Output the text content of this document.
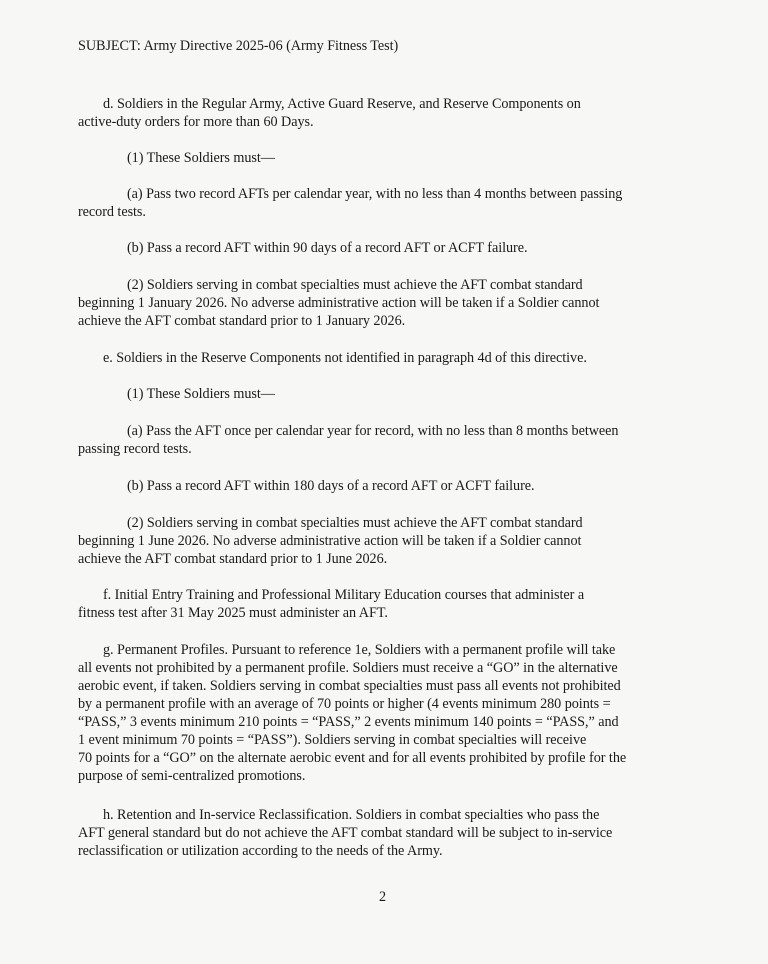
SUBJECT: Army Directive 2025-06 (Army Fitness Test)
d. Soldiers in the Regular Army, Active Guard Reserve, and Reserve Components on
active-duty orders for more than 60 Days.
(1) These Soldiers must—
(a) Pass two record AFTs per calendar year, with no less than 4 months between passing
record tests.
(b) Pass a record AFT within 90 days of a record AFT or ACFT failure.
(2) Soldiers serving in combat specialties must achieve the AFT combat standard
beginning 1 January 2026. No adverse administrative action will be taken if a Soldier cannot
achieve the AFT combat standard prior to 1 January 2026.
e. Soldiers in the Reserve Components not identified in paragraph 4d of this directive.
(1) These Soldiers must—
(a) Pass the AFT once per calendar year for record, with no less than 8 months between
passing record tests.
(b) Pass a record AFT within 180 days of a record AFT or ACFT failure.
(2) Soldiers serving in combat specialties must achieve the AFT combat standard
beginning 1 June 2026. No adverse administrative action will be taken if a Soldier cannot
achieve the AFT combat standard prior to 1 June 2026.
f. Initial Entry Training and Professional Military Education courses that administer a
fitness test after 31 May 2025 must administer an AFT.
g. Permanent Profiles. Pursuant to reference 1e, Soldiers with a permanent profile will take
all events not prohibited by a permanent profile. Soldiers must receive a “GO” in the alternative
aerobic event, if taken. Soldiers serving in combat specialties must pass all events not prohibited
by a permanent profile with an average of 70 points or higher (4 events minimum 280 points =
“PASS,” 3 events minimum 210 points = “PASS,” 2 events minimum 140 points = “PASS,” and
1 event minimum 70 points = “PASS”). Soldiers serving in combat specialties will receive
70 points for a “GO” on the alternate aerobic event and for all events prohibited by profile for the
purpose of semi-centralized promotions.
h. Retention and In-service Reclassification. Soldiers in combat specialties who pass the
AFT general standard but do not achieve the AFT combat standard will be subject to in-service
reclassification or utilization according to the needs of the Army.
2
